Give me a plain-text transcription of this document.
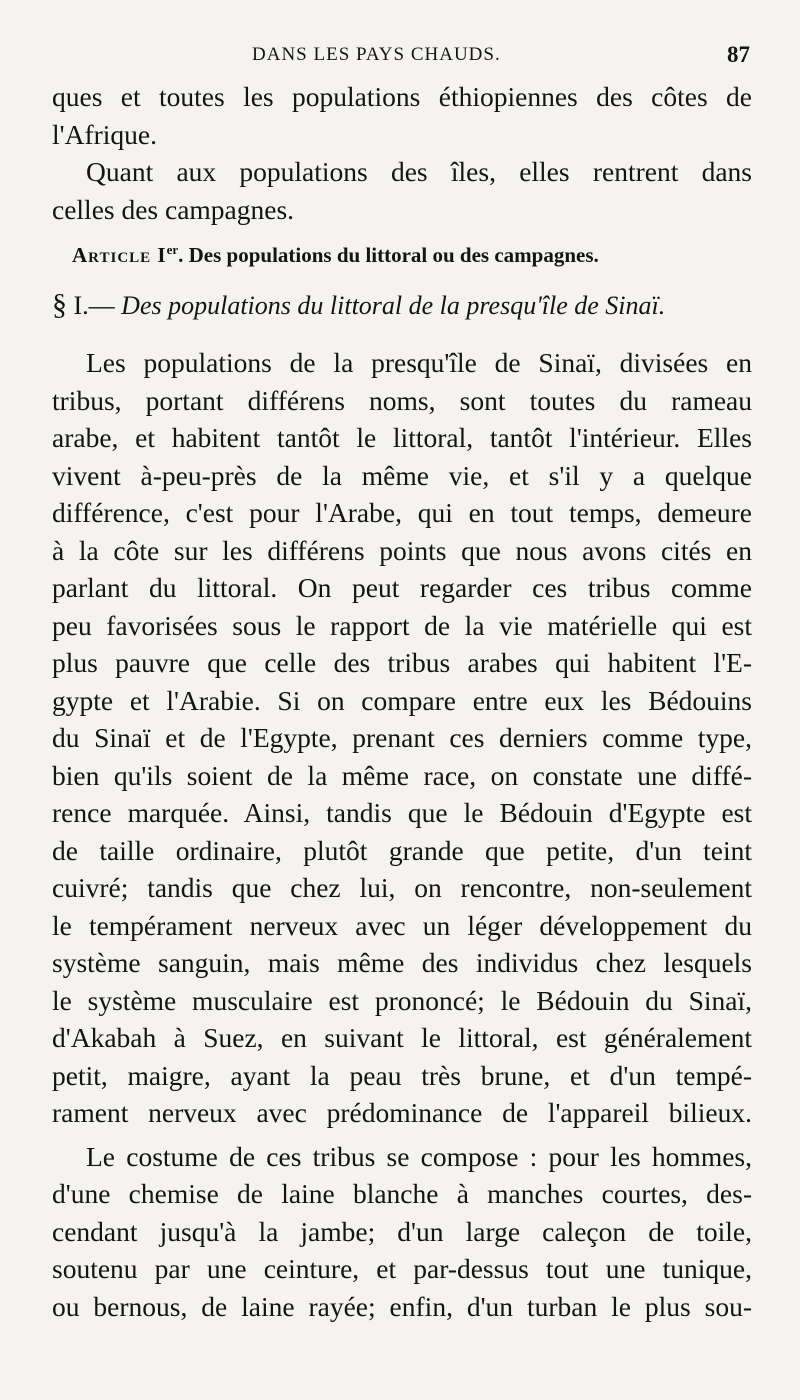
DANS LES PAYS CHAUDS.	87
ques et toutes les populations éthiopiennes des côtes de
l'Afrique.
Quant aux populations des îles, elles rentrent dans
celles des campagnes.
Article Ier. Des populations du littoral ou des campagnes.
§ I.— Des populations du littoral de la presqu'île de Sinaï.
Les populations de la presqu'île de Sinaï, divisées en
tribus, portant différens noms, sont toutes du rameau
arabe, et habitent tantôt le littoral, tantôt l'intérieur. Elles
vivent à-peu-près de la même vie, et s'il y a quelque
différence, c'est pour l'Arabe, qui en tout temps, demeure
à la côte sur les différens points que nous avons cités en
parlant du littoral. On peut regarder ces tribus comme
peu favorisées sous le rapport de la vie matérielle qui est
plus pauvre que celle des tribus arabes qui habitent l'E-
gypte et l'Arabie. Si on compare entre eux les Bédouins
du Sinaï et de l'Egypte, prenant ces derniers comme type,
bien qu'ils soient de la même race, on constate une diffé-
rence marquée. Ainsi, tandis que le Bédouin d'Egypte est
de taille ordinaire, plutôt grande que petite, d'un teint
cuivré; tandis que chez lui, on rencontre, non-seulement
le tempérament nerveux avec un léger développement du
système sanguin, mais même des individus chez lesquels
le système musculaire est prononcé; le Bédouin du Sinaï,
d'Akabah à Suez, en suivant le littoral, est généralement
petit, maigre, ayant la peau très brune, et d'un tempé-
rament nerveux avec prédominance de l'appareil bilieux.
Le costume de ces tribus se compose : pour les hommes,
d'une chemise de laine blanche à manches courtes, des-
cendant jusqu'à la jambe; d'un large caleçon de toile,
soutenu par une ceinture, et par-dessus tout une tunique,
ou bernous, de laine rayée; enfin, d'un turban le plus sou-
